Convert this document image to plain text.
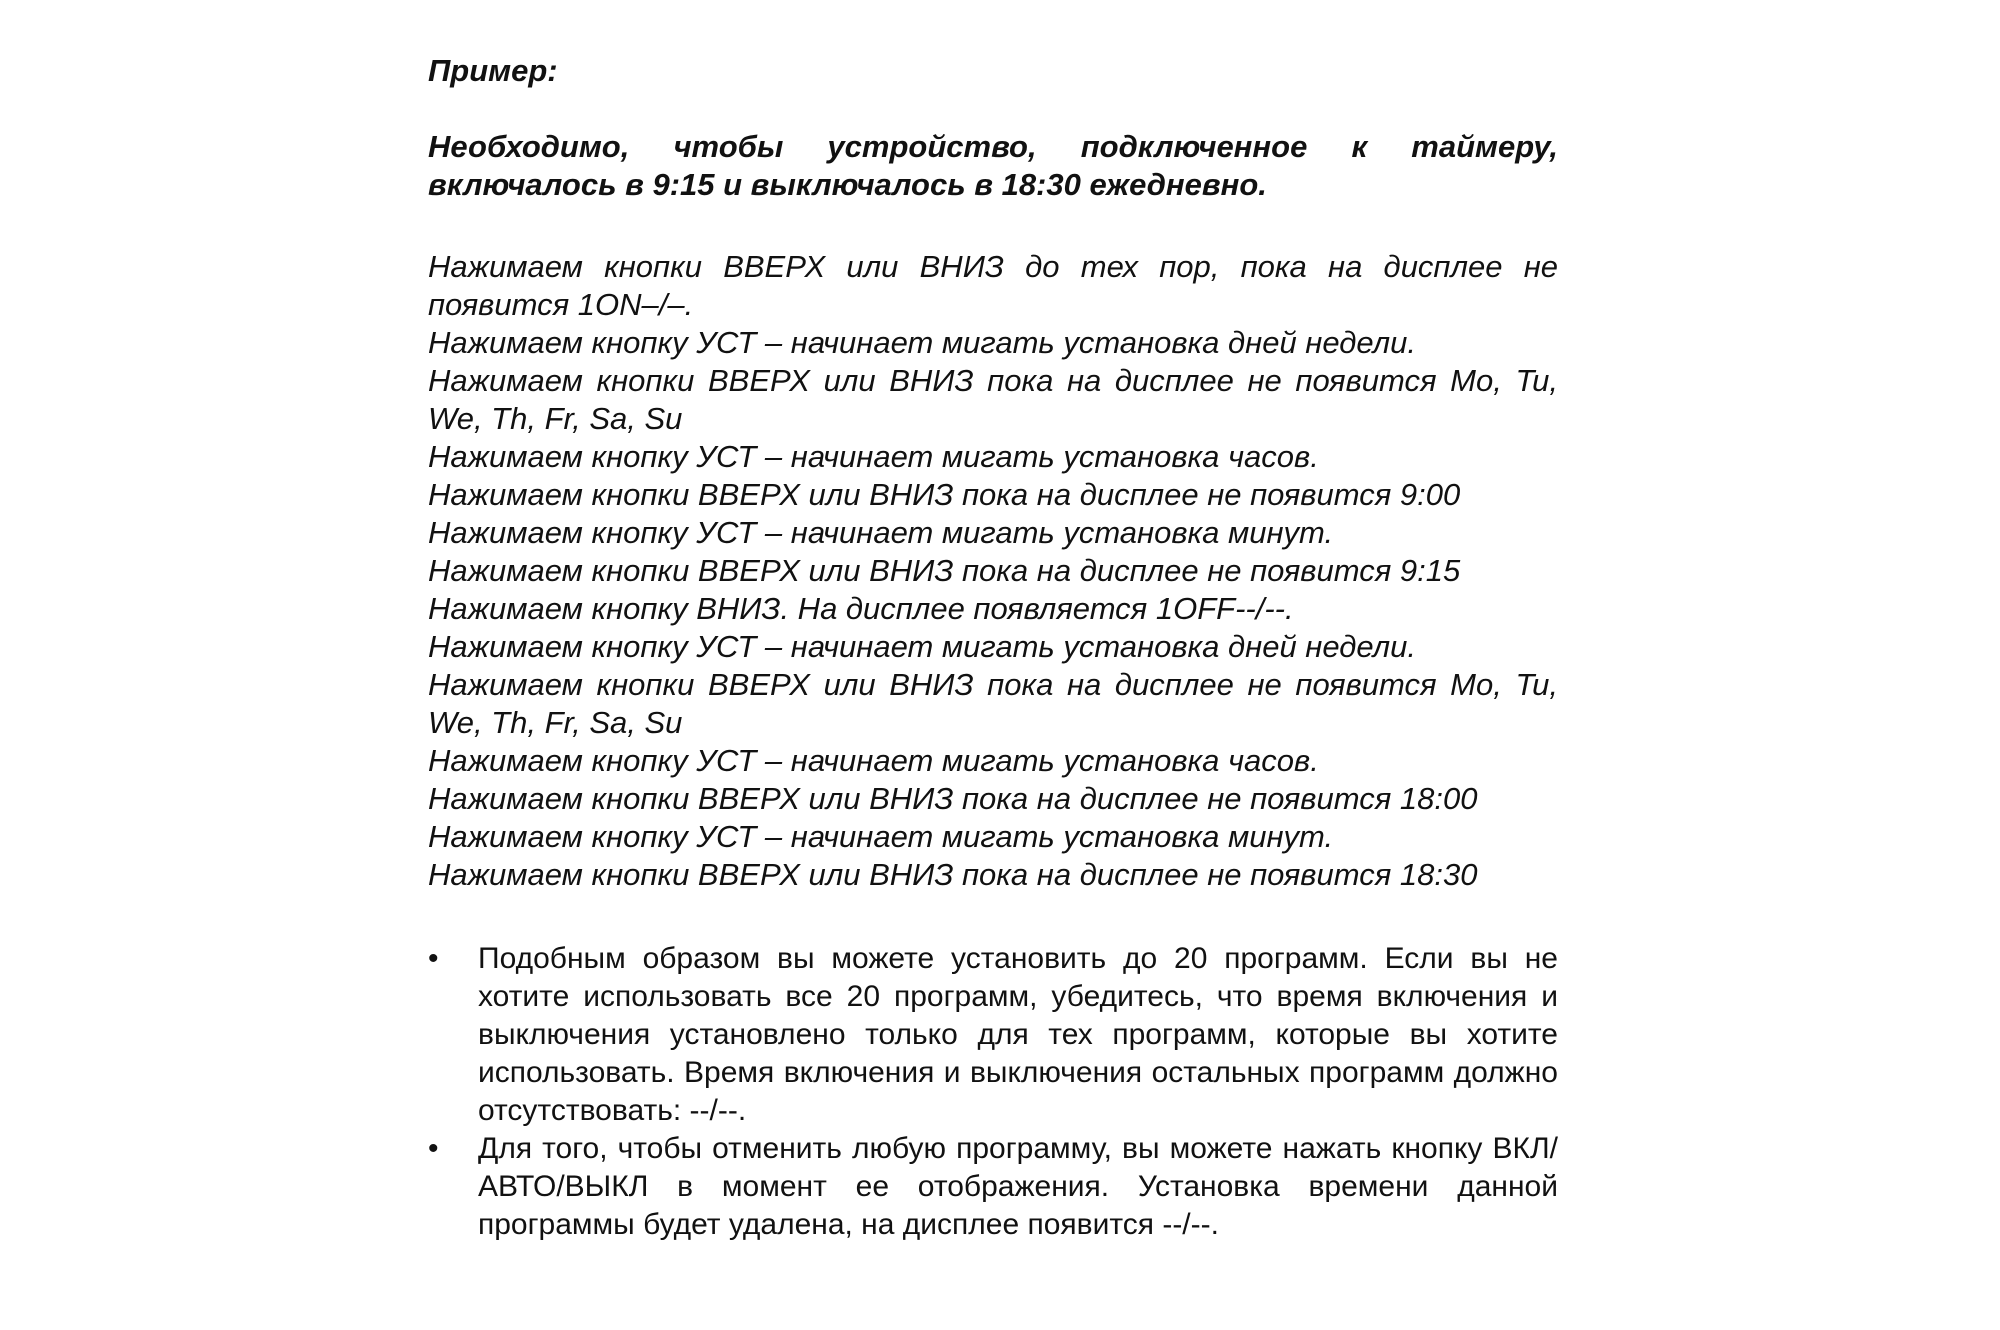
Пример:
Необходимо, чтобы устройство, подключенное к таймеру, включалось в 9:15 и выключалось в 18:30 ежедневно.
Нажимаем кнопки ВВЕРХ или ВНИЗ до тех пор, пока на дисплее не появится 1ON–/–.
Нажимаем кнопку УСТ – начинает мигать установка дней недели.
Нажимаем кнопки ВВЕРХ или ВНИЗ пока на дисплее не появится Mo, Tu, We, Th, Fr, Sa, Su
Нажимаем кнопку УСТ – начинает мигать установка часов.
Нажимаем кнопки ВВЕРХ или ВНИЗ пока на дисплее не появится 9:00
Нажимаем кнопку УСТ – начинает мигать установка минут.
Нажимаем кнопки ВВЕРХ или ВНИЗ пока на дисплее не появится 9:15
Нажимаем кнопку ВНИЗ. На дисплее появляется 1OFF--/--.
Нажимаем кнопку УСТ – начинает мигать установка дней недели.
Нажимаем кнопки ВВЕРХ или ВНИЗ пока на дисплее не появится Mo, Tu, We, Th, Fr, Sa, Su
Нажимаем кнопку УСТ – начинает мигать установка часов.
Нажимаем кнопки ВВЕРХ или ВНИЗ пока на дисплее не появится 18:00
Нажимаем кнопку УСТ – начинает мигать установка минут.
Нажимаем кнопки ВВЕРХ или ВНИЗ пока на дисплее не появится 18:30
•	Подобным образом вы можете установить до 20 программ. Если вы не хотите использовать все 20 программ, убедитесь, что время включения и выключения установлено только для тех программ, которые вы хотите использовать. Время включения и выключения остальных программ должно отсутствовать: --/--.
•	Для того, чтобы отменить любую программу, вы можете нажать кнопку ВКЛ/АВТО/ВЫКЛ в момент ее отображения. Установка времени данной программы будет удалена, на дисплее появится --/--.
